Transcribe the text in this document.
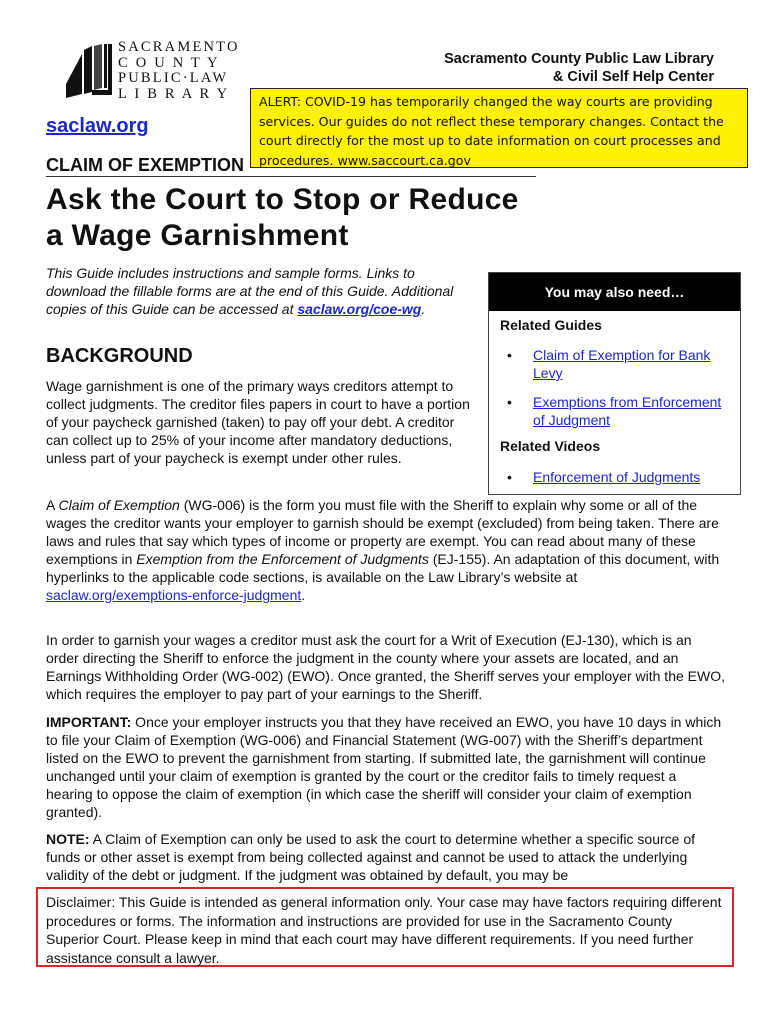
SACRAMENTO
C O U N T Y
PUBLIC·LAW
L I B R A R Y
Sacramento County Public Law Library
& Civil Self Help Center
saclaw.org
ALERT: COVID-19 has temporarily changed the way courts are providing services. Our guides do not reflect these temporary changes. Contact the court directly for the most up to date information on court processes and procedures. www.saccourt.ca.gov
CLAIM OF EXEMPTION
Ask the Court to Stop or Reduce
a Wage Garnishment
This Guide includes instructions and sample forms. Links to download the fillable forms are at the end of this Guide. Additional copies of this Guide can be accessed at saclaw.org/coe-wg.
You may also need…
Related Guides
• Claim of Exemption for Bank Levy
• Exemptions from Enforcement of Judgment
Related Videos
• Enforcement of Judgments
BACKGROUND
Wage garnishment is one of the primary ways creditors attempt to collect judgments. The creditor files papers in court to have a portion of your paycheck garnished (taken) to pay off your debt. A creditor can collect up to 25% of your income after mandatory deductions, unless part of your paycheck is exempt under other rules.
A Claim of Exemption (WG-006) is the form you must file with the Sheriff to explain why some or all of the wages the creditor wants your employer to garnish should be exempt (excluded) from being taken. There are laws and rules that say which types of income or property are exempt. You can read about many of these exemptions in Exemption from the Enforcement of Judgments (EJ-155). An adaptation of this document, with hyperlinks to the applicable code sections, is available on the Law Library’s website at saclaw.org/exemptions-enforce-judgment.
In order to garnish your wages a creditor must ask the court for a Writ of Execution (EJ-130), which is an order directing the Sheriff to enforce the judgment in the county where your assets are located, and an Earnings Withholding Order (WG-002) (EWO). Once granted, the Sheriff serves your employer with the EWO, which requires the employer to pay part of your earnings to the Sheriff.
IMPORTANT: Once your employer instructs you that they have received an EWO, you have 10 days in which to file your Claim of Exemption (WG-006) and Financial Statement (WG-007) with the Sheriff’s department listed on the EWO to prevent the garnishment from starting. If submitted late, the garnishment will continue unchanged until your claim of exemption is granted by the court or the creditor fails to timely request a hearing to oppose the claim of exemption (in which case the sheriff will consider your claim of exemption granted).
NOTE: A Claim of Exemption can only be used to ask the court to determine whether a specific source of funds or other asset is exempt from being collected against and cannot be used to attack the underlying validity of the debt or judgment. If the judgment was obtained by default, you may be
Disclaimer: This Guide is intended as general information only. Your case may have factors requiring different procedures or forms. The information and instructions are provided for use in the Sacramento County Superior Court. Please keep in mind that each court may have different requirements. If you need further assistance consult a lawyer.
